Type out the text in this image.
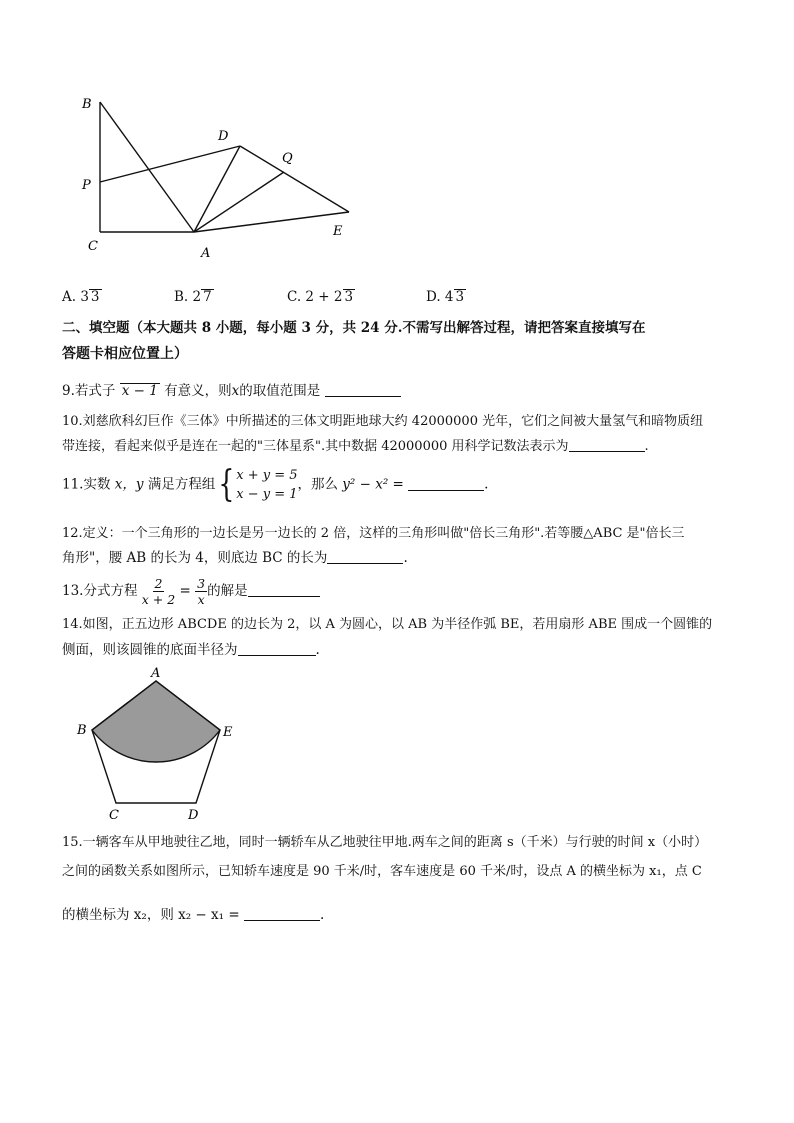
B
P
C	A
D
Q
E
A. 3 3	B. 2 7	C. 2 + 2 3	D. 4 3
二、填空题（本大题共 8 小题，每小题 3 分，共 24 分.不需写出解答过程，请把答案直接填写在
答题卡相应位置上）
9.若式子 x − 1 有意义，则x的取值范围是
10.刘慈欣科幻巨作《三体》中所描述的三体文明距地球大约 42000000 光年，它们之间被大量氢气和暗物质纽
带连接，看起来似乎是连在一起的"三体星系".其中数据 42000000 用科学记数法表示为	.
11.实数 x，y 满足方程组 { x + y = 5
x − y = 1
，那么 y² − x² =	.
12.定义：一个三角形的一边长是另一边长的 2 倍，这样的三角形叫做"倍长三角形".若等腰△ABC 是"倍长三
角形"，腰 AB 的长为 4，则底边 BC 的长为	.
13.分式方程 $\frac{2}{x + 2} = \frac{3}{x}$ 的解是
14.如图，正五边形 ABCDE 的边长为 2，以 A 为圆心，以 AB 为半径作弧 BE，若用扇形 ABE 围成一个圆锥的
侧面，则该圆锥的底面半径为	.
A
B	E
C	D
15.一辆客车从甲地驶往乙地，同时一辆轿车从乙地驶往甲地.两车之间的距离 s（千米）与行驶的时间 x（小时）
之间的函数关系如图所示，已知轿车速度是 90 千米/时，客车速度是 60 千米/时，设点 A 的横坐标为 x₁，点 C
的横坐标为 x₂，则 x₂ − x₁ =	.
